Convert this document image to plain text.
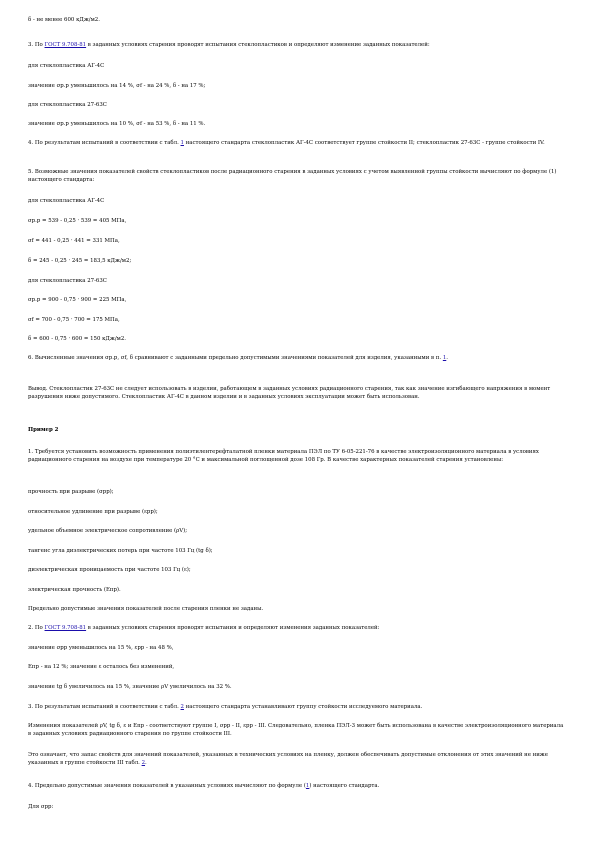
δ - не менее 600 кДж/м2.

3. По ГОСТ 9.708-81 в заданных условиях старения проводят испытания стеклопластиков и определяют изменение заданных показателей:

для стеклопластика АГ-4С

значение σр.р уменьшилось на 14 %, σf - на 24 %, δ - на 17 %;

для стеклопластика 27-63С

значение σр.р уменьшилось на 10 %, σf - на 53 %, δ - на 11 %.

4. По результатам испытаний в соответствии с табл. 1 настоящего стандарта стеклопластик АГ-4С соответствует группе стойкости II; стеклопластик 27-63С - группе стойкости IV.

5. Возможные значения показателей свойств стеклопластиков после радиационного старения в заданных условиях с учетом выявленной группы стойкости вычисляют по формуле (1) настоящего стандарта:

для стеклопластика АГ-4С

σр.р = 539 - 0,25 · 539 = 405 МПа,

σf = 441 - 0,25 · 441 = 331 МПа,

δ = 245 - 0,25 · 245 = 183,5 кДж/м2;

для стеклопластика 27-63С

σр.р = 900 - 0,75 · 900 = 225 МПа,

σf = 700 - 0,75 · 700 = 175 МПа,

δ = 600 - 0,75 · 600 = 150 кДж/м2.

6. Вычисленные значения σр.р, σf, δ сравнивают с заданными предельно допустимыми значениями показателей для изделия, указанными в п. 1.

Вывод. Стеклопластик 27-63С не следует использовать в изделии, работающем в заданных условиях радиационного старения, так как значение изгибающего напряжения в момент разрушения ниже допустимого. Стеклопластик АГ-4С в данном изделии и в заданных условиях эксплуатации может быть использован.

Пример 2

1. Требуется установить возможность применения полиэтилентерефталатной пленки материала ПЭЛ по ТУ 6-05-221-76 в качестве электроизоляционного материала в условиях радиационного старения на воздухе при температуре 20 °С и максимальной поглощенной дозе 108 Гр. В качестве характерных показателей старения установлены:

прочность при разрыве (σрр);

относительное удлинение при разрыве (εрр);

удельное объемное электрическое сопротивление (ρV);

тангенс угла диэлектрических потерь при частоте 103 Гц (tg δ);

диэлектрическая проницаемость при частоте 103 Гц (ε);

электрическая прочность (Епр).

Предельно допустимые значения показателей после старения пленки не заданы.

2. По ГОСТ 9.708-81 в заданных условиях старения проводят испытания и определяют изменения заданных показателей:

значение σрр уменьшилось на 15 %, εрр - на 48 %,

Епр - на 12 %; значение ε осталось без изменений,

значение tg δ увеличилось на 15 %, значение ρV увеличилось на 32 %.

3. По результатам испытаний в соответствии с табл. 2 настоящего стандарта устанавливают группу стойкости исследуемого материала.

Изменения показателей ρV, tg δ, ε и Епр - соответствуют группе I, σрр - II, εрр - III. Следовательно, пленка ПЭЛ-3 может быть использована в качестве электроизоляционного материала в заданных условиях радиационного старения по группе стойкости III.

Это означает, что запас свойств для значений показателей, указанных в технических условиях на пленку, должен обеспечивать допустимые отклонения от этих значений не ниже указанных в группе стойкости III табл. 2.

4. Предельно допустимые значения показателей в указанных условиях вычисляют по формуле (1) настоящего стандарта.

Для σрр:
